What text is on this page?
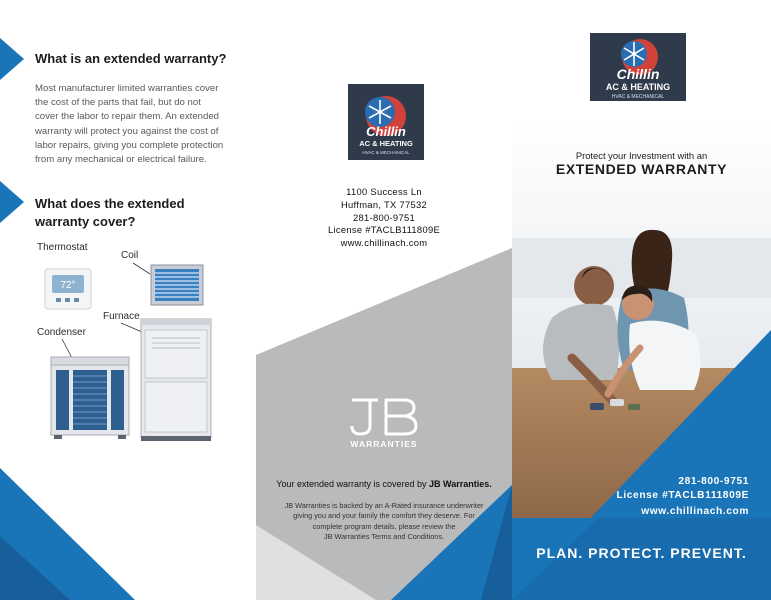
What is an extended warranty?

Most manufacturer limited warranties cover
the cost of the parts that fail, but do not
cover the labor to repair them. An extended
warranty will protect you against the cost of
labor repairs, giving you complete protection
from any mechanical or electrical failure.

What does the extended
warranty cover?
Thermostat
72°
Coil
Furnace
Condenser
Chillin
AC & HEATING
HVAC & MECHANICAL
1100 Success Ln
Huffman, TX 77532
281-800-9751
License #TACLB111809E
www.chillinach.com
WARRANTIES
Your extended warranty is covered by JB Warranties.
JB Warranties is backed by an A-Rated insurance underwriter
giving you and your family the comfort they deserve. For
complete program details, please review the
JB Warranties Terms and Conditions.
Chillin
AC & HEATING
HVAC & MECHANICAL
Protect your Investment with an
EXTENDED WARRANTY
281-800-9751
License #TACLB111809E
www.chillinach.com
PLAN. PROTECT. PREVENT.
